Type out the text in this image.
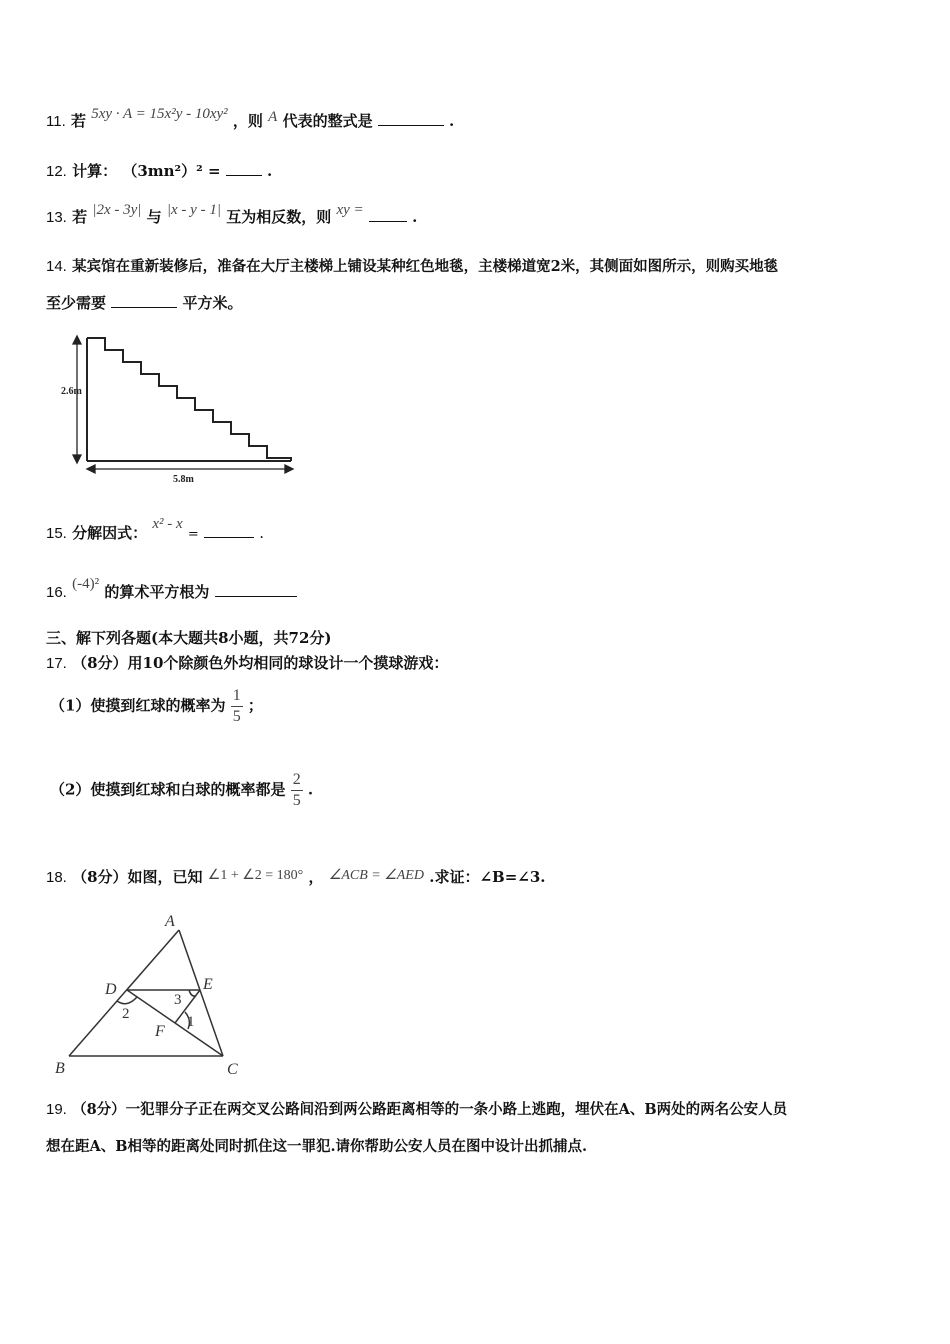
11. 若 5xy · A = 15x²y - 10xy² ，则 A 代表的整式是	.
12. 计算： （3mn²）² =	.
13. 若 |2x - 3y| 与 |x - y - 1| 互为相反数，则 xy =	.
14. 某宾馆在重新装修后，准备在大厅主楼梯上铺设某种红色地毯，主楼梯道宽2米，其侧面如图所示，则购买地毯
至少需要	平方米。
2.6m
5.8m
15. 分解因式： x² - x =	.
16. (-4)² 的算术平方根为
三、解下列各题(本大题共8小题，共72分)
17. （8分）用10个除颜色外均相同的球设计一个摸球游戏：
（1）使摸到红球的概率为 $\frac{1}{5}$ ；
（2）使摸到红球和白球的概率都是 $\frac{2}{5}$ .
18. （8分）如图，已知 ∠1 + ∠2 = 180° ， ∠ACB = ∠AED .求证：∠B=∠3.
A
B	C
D	E
F
1
2
3
19. （8分）一犯罪分子正在两交叉公路间沿到两公路距离相等的一条小路上逃跑，埋伏在A、B两处的两名公安人员
想在距A、B相等的距离处同时抓住这一罪犯.请你帮助公安人员在图中设计出抓捕点.
